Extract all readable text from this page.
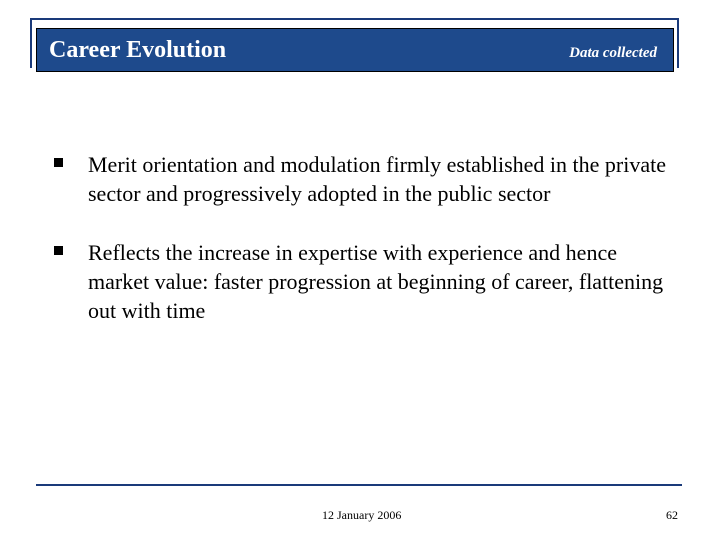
Career Evolution	Data collected
Merit orientation and modulation firmly established in the private sector and progressively adopted in the public sector
Reflects the increase in expertise with experience and hence market value: faster progression at beginning of career, flattening out with time
12 January 2006	62
